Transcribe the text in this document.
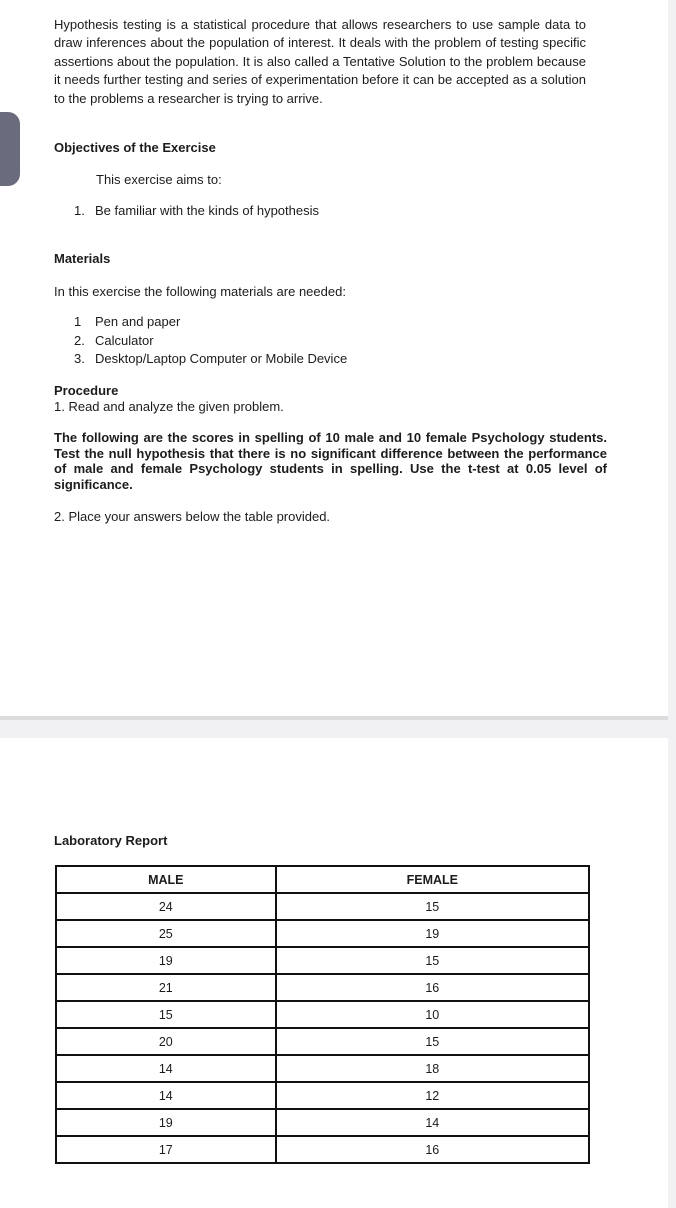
Hypothesis testing is a statistical procedure that allows researchers to use sample data to draw inferences about the population of interest. It deals with the problem of testing specific assertions about the population. It is also called a Tentative Solution to the problem because it needs further testing and series of experimentation before it can be accepted as a solution to the problems a researcher is trying to arrive.

Objectives of the Exercise

This exercise aims to:

1. Be familiar with the kinds of hypothesis

Materials

In this exercise the following materials are needed:

1 Pen and paper
2. Calculator
3. Desktop/Laptop Computer or Mobile Device

Procedure

1. Read and analyze the given problem.

The following are the scores in spelling of 10 male and 10 female Psychology students. Test the null hypothesis that there is no significant difference between the performance of male and female Psychology students in spelling. Use the t-test at 0.05 level of significance.

2. Place your answers below the table provided.

Laboratory Report

MALE	FEMALE
24	15
25	19
19	15
21	16
15	10
20	15
14	18
14	12
19	14
17	16
